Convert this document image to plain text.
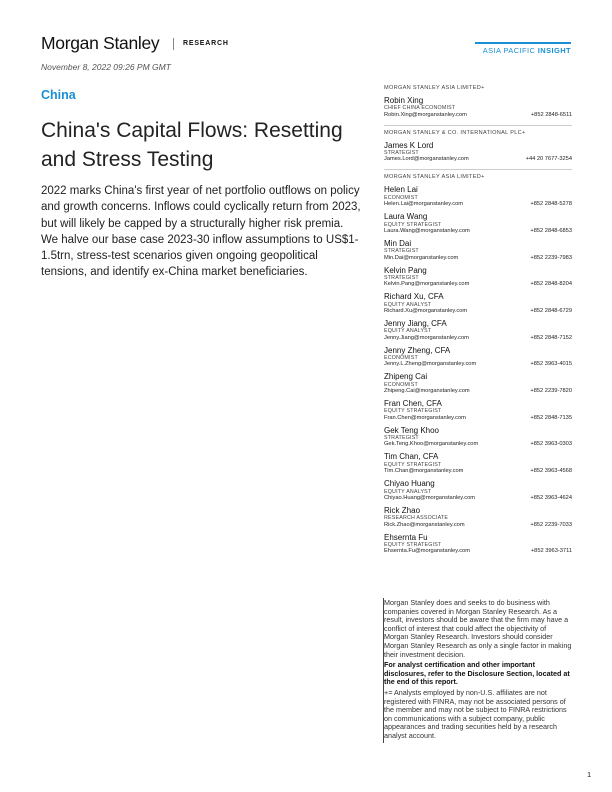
Morgan Stanley	RESEARCH
ASIA PACIFIC INSIGHT
November 8, 2022 09:26 PM GMT
China
China's Capital Flows: Resetting and Stress Testing
2022 marks China's first year of net portfolio outflows on policy and growth concerns. Inflows could cyclically return from 2023, but will likely be capped by a structurally higher risk premia. We halve our base case 2023-30 inflow assumptions to US$1-1.5trn, stress-test scenarios given ongoing geopolitical tensions, and identify ex-China market beneficiaries.
MORGAN STANLEY ASIA LIMITED+
Robin Xing
CHIEF CHINA ECONOMIST
Robin.Xing@morganstanley.com	+852 2848-6511
MORGAN STANLEY & CO. INTERNATIONAL PLC+
James K Lord
STRATEGIST
James.Lord@morganstanley.com	+44 20 7677-3254
MORGAN STANLEY ASIA LIMITED+
Helen Lai
ECONOMIST
Helen.Lai@morganstanley.com	+852 2848-5278
Laura Wang
EQUITY STRATEGIST
Laura.Wang@morganstanley.com	+852 2848-6853
Min Dai
STRATEGIST
Min.Dai@morganstanley.com	+852 2239-7983
Kelvin Pang
STRATEGIST
Kelvin.Pang@morganstanley.com	+852 2848-8204
Richard Xu, CFA
EQUITY ANALYST
Richard.Xu@morganstanley.com	+852 2848-6729
Jenny Jiang, CFA
EQUITY ANALYST
Jenny.Jiang@morganstanley.com	+852 2848-7152
Jenny Zheng, CFA
ECONOMIST
Jenny.L.Zheng@morganstanley.com	+852 3963-4015
Zhipeng Cai
ECONOMIST
Zhipeng.Cai@morganstanley.com	+852 2239-7820
Fran Chen, CFA
EQUITY STRATEGIST
Fran.Chen@morganstanley.com	+852 2848-7135
Gek Teng Khoo
STRATEGIST
Gek.Teng.Khoo@morganstanley.com	+852 3963-0303
Tim Chan, CFA
EQUITY STRATEGIST
Tim.Chan@morganstanley.com	+852 3963-4568
Chiyao Huang
EQUITY ANALYST
Chiyao.Huang@morganstanley.com	+852 3963-4624
Rick Zhao
RESEARCH ASSOCIATE
Rick.Zhao@morganstanley.com	+852 2239-7033
Ehsernta Fu
EQUITY STRATEGIST
Ehsernta.Fu@morganstanley.com	+852 3963-3711

Morgan Stanley does and seeks to do business with companies covered in Morgan Stanley Research. As a result, investors should be aware that the firm may have a conflict of interest that could affect the objectivity of Morgan Stanley Research. Investors should consider Morgan Stanley Research as only a single factor in making their investment decision.

For analyst certification and other important disclosures, refer to the Disclosure Section, located at the end of this report.

+= Analysts employed by non-U.S. affiliates are not registered with FINRA, may not be associated persons of the member and may not be subject to FINRA restrictions on communications with a subject company, public appearances and trading securities held by a research analyst account.

1
